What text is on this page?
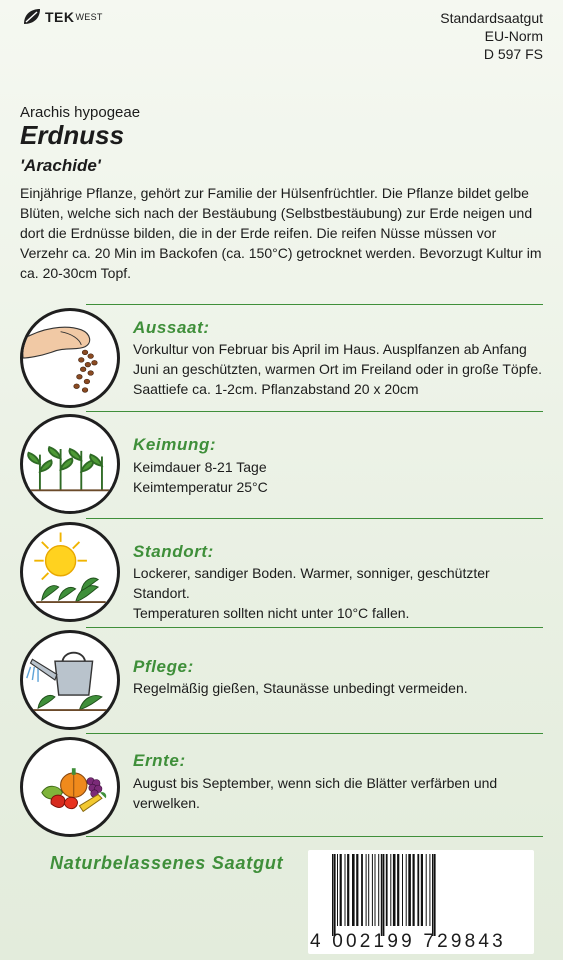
TEKWEST	Standardsaatgut
EU-Norm
D 597 FS
Arachis hypogeae
Erdnuss
'Arachide'
Einjährige Pflanze, gehört zur Familie der Hülsenfrüchtler. Die Pflanze bildet gelbe Blüten, welche sich nach der Bestäubung (Selbstbestäubung) zur Erde neigen und dort die Erdnüsse bilden, die in der Erde reifen. Die reifen Nüsse müssen vor Verzehr ca. 20 Min im Backofen (ca. 150°C) getrocknet werden. Bevorzugt Kultur im ca. 20-30cm Topf.
Aussaat:
Vorkultur von Februar bis April im Haus. Ausplfanzen ab Anfang
Juni an geschützten, warmen Ort im Freiland oder in große Töpfe.
Saattiefe ca. 1-2cm. Pflanzabstand 20 x 20cm
Keimung:
Keimdauer 8-21 Tage
Keimtemperatur 25°C
Standort:
Lockerer, sandiger Boden. Warmer, sonniger, geschützter Standort.
Temperaturen sollten nicht unter 10°C fallen.
Pflege:
Regelmäßig gießen, Staunässe unbedingt vermeiden.
Ernte:
August bis September, wenn sich die Blätter verfärben und
verwelken.
Naturbelassenes Saatgut
4 002199 729843
